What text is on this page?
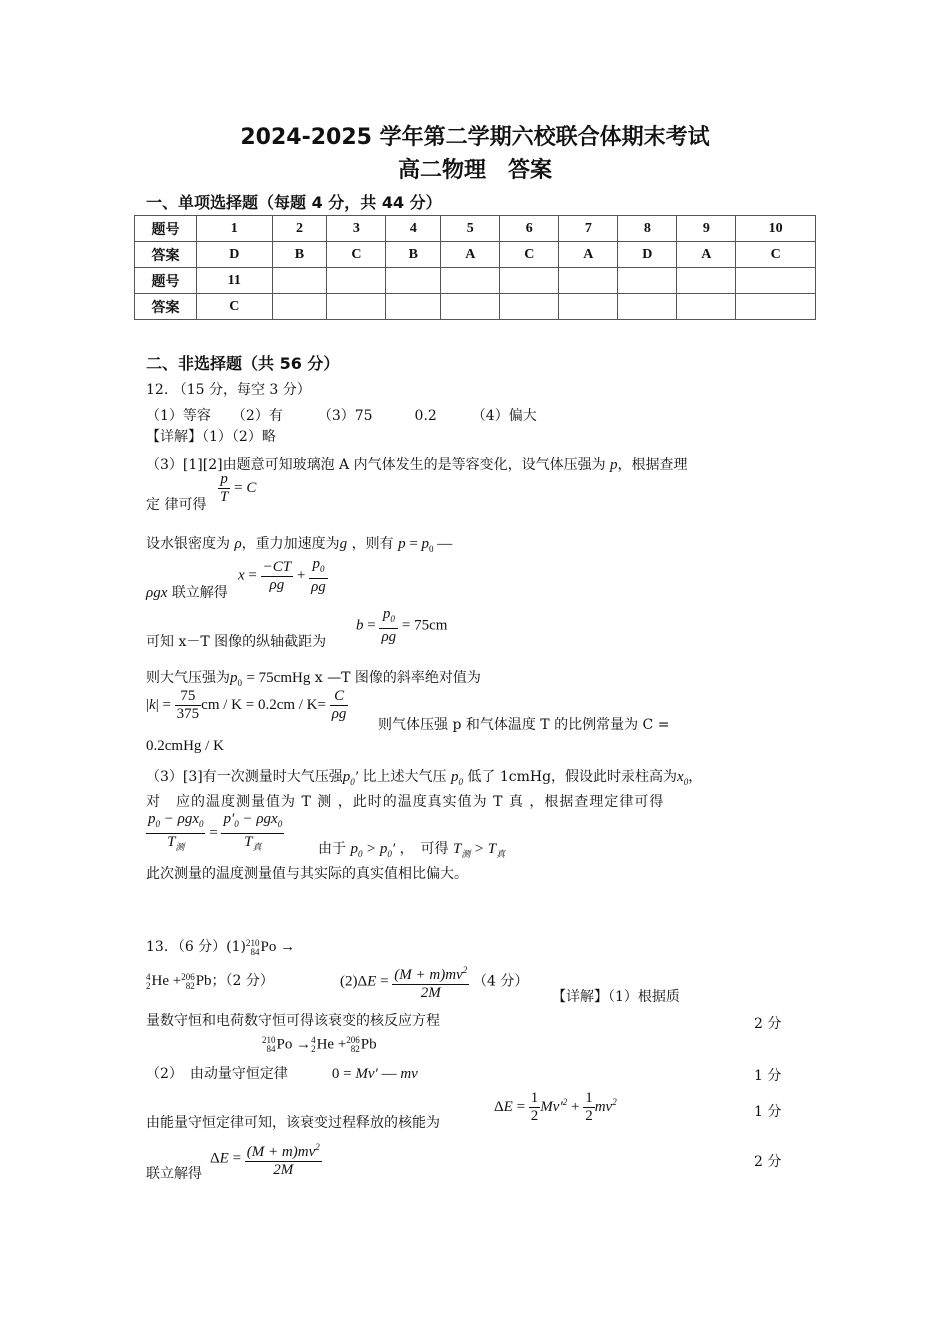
2024-2025 学年第二学期六校联合体期末考试
高二物理　答案
一、单项选择题（每题 4 分，共 44 分）
题号	1	2	3	4	5	6	7	8	9	10
答案	D	B	C	B	A	C	A	D	A	C
题号	11									
答案	C									
二、非选择题（共 56 分）
12. （15 分，每空 3 分）
（1）等容　　（2）有　　　（3）75　　　0.2　　　（4）偏大
【详解】（1）（2）略
（3）[1][2]由题意可知玻璃泡 A 内气体发生的是等容变化，设气体压强为 p，根据查理
定 律可得 $\frac{p}{T} = C$
设水银密度为 ρ，重力加速度为g ，则有 $p = p_0$ —
$x = \frac{-CT}{\rho g} + \frac{p_0}{\rho g}$
ρgx 联立解得
$b = \frac{p_0}{\rho g} = 75cm$
可知 x－T 图像的纵轴截距为
则大气压强为$p_0$ = 75cmHg x —T 图像的斜率绝对值为
$|k| = \frac{75}{375}$ cm / $K = 0.2cm / K= \frac{C}{\rho g}$
则气体压强 p 和气体温度 T 的比例常量为 C =
0.2cmHg / K
（3）[3]有一次测量时大气压强$p_0'$ 比上述大气压 $p_0$ 低了 1cmHg，假设此时汞柱高为$x_0$，
对　应的温度测量值为 T 测 ，此时的温度真实值为 T 真 ，根据查理定律可得
$\frac{p_0 - \rho gx_0}{T_测} = \frac{p'_0 - \rho gx_0}{T_真}$ 由于 $p_0 > p_0'$ ，　可得 $T_测 > T_真$
此次测量的温度测量值与其实际的真实值相比偏大。
13．（6 分）(1)210
84Po →
4
2He +206
82Pb；（2 分）	$(2)\Delta E = \frac{(M + m)mv^2}{2M} (4$ 分）
【详解】（1）根据质
量数守恒和电荷数守恒可得该衰变的核反应方程	2 分
210
84Po →4
2He +206
82Pb
（2）　由动量守恒定律	0 = Mv′ — mv	1 分
由能量守恒定律可知，该衰变过程释放的核能为
$\Delta E = \frac{1}{2} Mv'^2 + \frac{1}{2} mv^2$
1 分
联立解得
$\Delta E = \frac{(M + m)mv^2}{2M}$	2 分
